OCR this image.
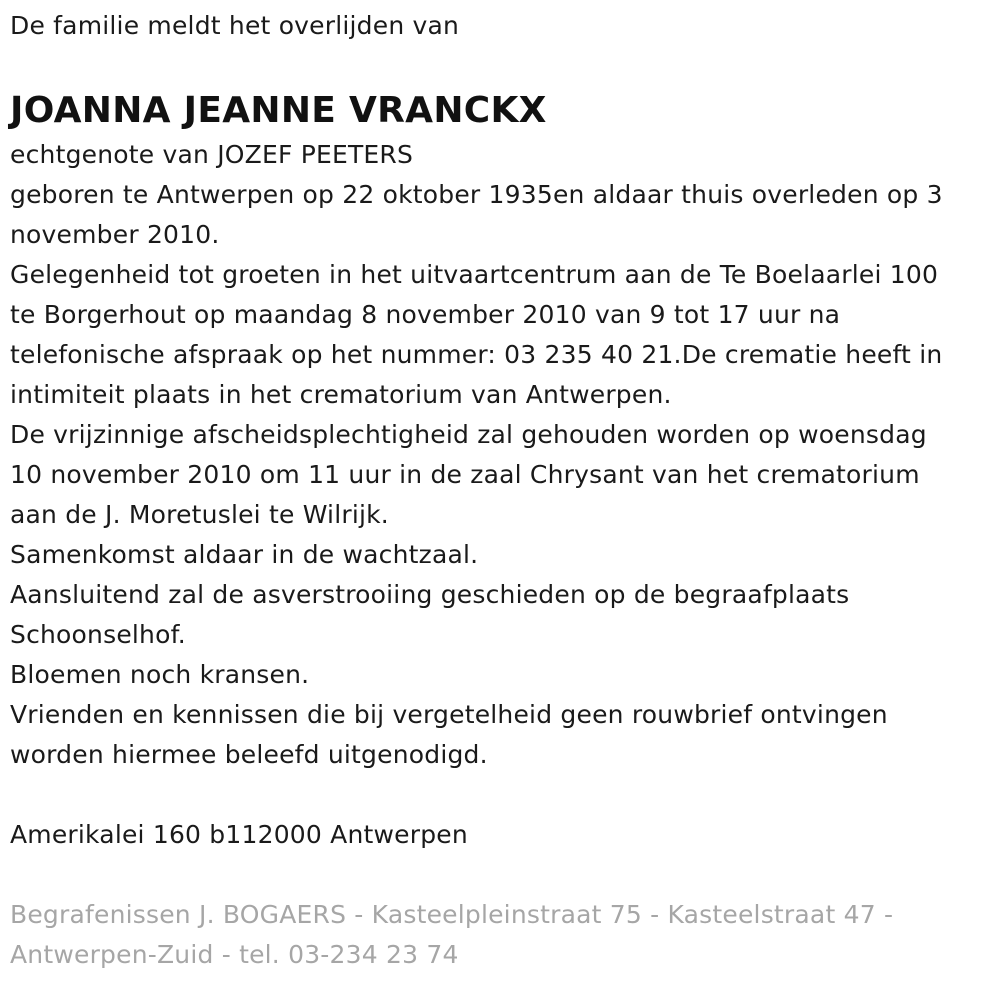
De familie meldt het overlijden van

JOANNA JEANNE VRANCKX
echtgenote van JOZEF PEETERS
geboren te Antwerpen op 22 oktober 1935en aldaar thuis overleden op 3
november 2010.
Gelegenheid tot groeten in het uitvaartcentrum aan de Te Boelaarlei 100
te Borgerhout op maandag 8 november 2010 van 9 tot 17 uur na
telefonische afspraak op het nummer: 03 235 40 21.De crematie heeft in
intimiteit plaats in het crematorium van Antwerpen.
De vrijzinnige afscheidsplechtigheid zal gehouden worden op woensdag
10 november 2010 om 11 uur in de zaal Chrysant van het crematorium
aan de J. Moretuslei te Wilrijk.
Samenkomst aldaar in de wachtzaal.
Aansluitend zal de asverstrooiing geschieden op de begraafplaats
Schoonselhof.
Bloemen noch kransen.
Vrienden en kennissen die bij vergetelheid geen rouwbrief ontvingen
worden hiermee beleefd uitgenodigd.

Amerikalei 160 b112000 Antwerpen

Begrafenissen J. BOGAERS - Kasteelpleinstraat 75 - Kasteelstraat 47 -
Antwerpen-Zuid - tel. 03-234 23 74
